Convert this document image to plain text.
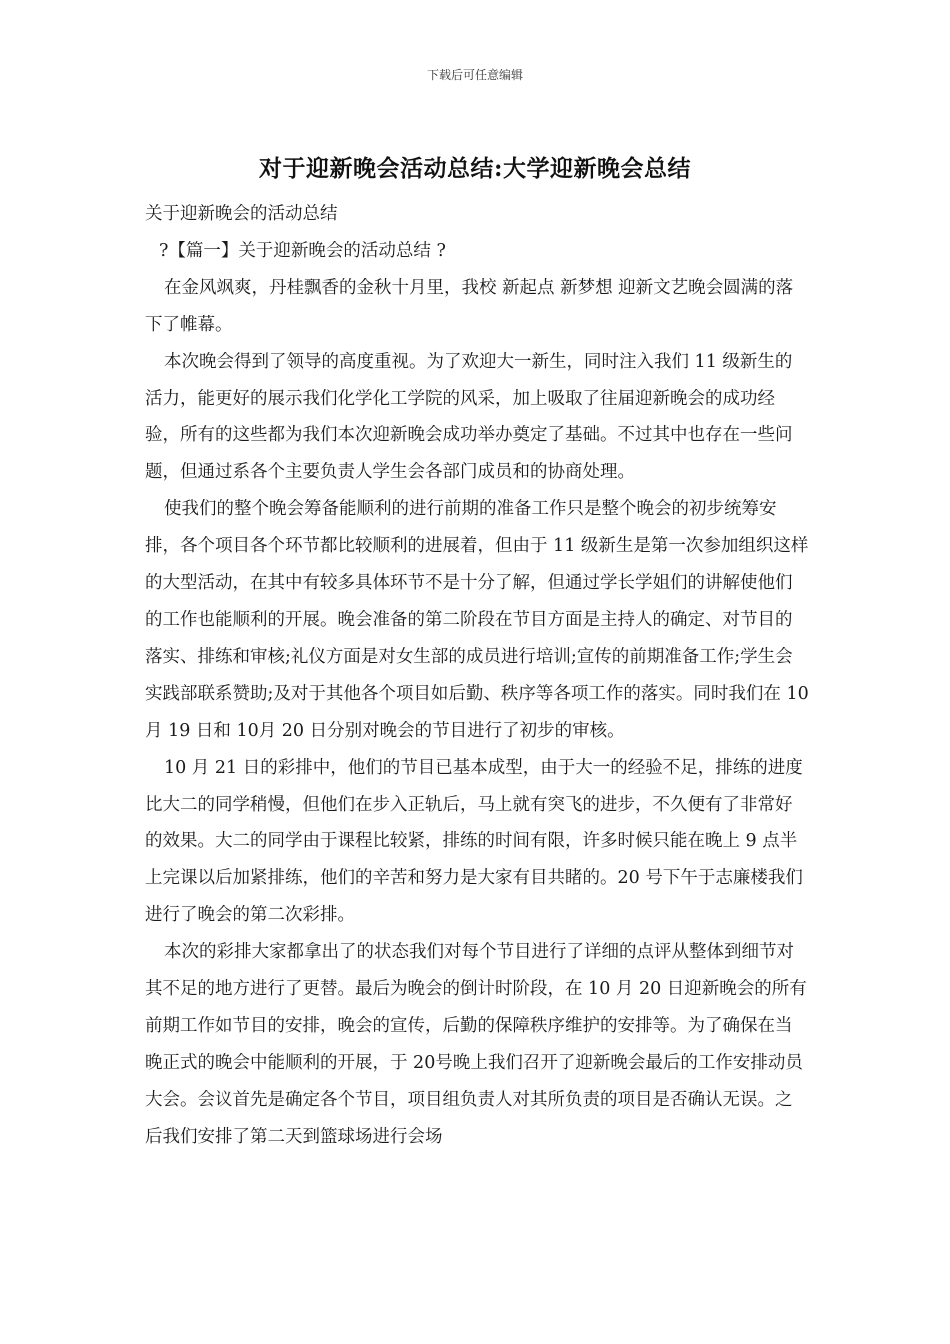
下载后可任意编辑
对于迎新晚会活动总结:大学迎新晚会总结

关于迎新晚会的活动总结

?【篇一】关于迎新晚会的活动总结 ?

在金风飒爽，丹桂飘香的金秋十月里，我校 新起点 新梦想 迎新文艺晚会圆满的落下了帷幕。

本次晚会得到了领导的高度重视。为了欢迎大一新生，同时注入我们 11 级新生的活力，能更好的展示我们化学化工学院的风采，加上吸取了往届迎新晚会的成功经验，所有的这些都为我们本次迎新晚会成功举办奠定了基础。不过其中也存在一些问题，但通过系各个主要负责人学生会各部门成员和的协商处理。

使我们的整个晚会筹备能顺利的进行前期的准备工作只是整个晚会的初步统筹安排，各个项目各个环节都比较顺利的进展着，但由于 11 级新生是第一次参加组织这样的大型活动，在其中有较多具体环节不是十分了解，但通过学长学姐们的讲解使他们的工作也能顺利的开展。晚会准备的第二阶段在节目方面是主持人的确定、对节目的落实、排练和审核;礼仪方面是对女生部的成员进行培训;宣传的前期准备工作;学生会实践部联系赞助;及对于其他各个项目如后勤、秩序等各项工作的落实。同时我们在 10 月 19 日和 10月 20 日分别对晚会的节目进行了初步的审核。

10 月 21 日的彩排中，他们的节目已基本成型，由于大一的经验不足，排练的进度比大二的同学稍慢，但他们在步入正轨后，马上就有突飞的进步，不久便有了非常好的效果。大二的同学由于课程比较紧，排练的时间有限，许多时候只能在晚上 9 点半上完课以后加紧排练，他们的辛苦和努力是大家有目共睹的。20 号下午于志廉楼我们进行了晚会的第二次彩排。

本次的彩排大家都拿出了的状态我们对每个节目进行了详细的点评从整体到细节对其不足的地方进行了更替。最后为晚会的倒计时阶段，在 10 月 20 日迎新晚会的所有前期工作如节目的安排，晚会的宣传，后勤的保障秩序维护的安排等。为了确保在当晚正式的晚会中能顺利的开展，于 20号晚上我们召开了迎新晚会最后的工作安排动员大会。会议首先是确定各个节目，项目组负责人对其所负责的项目是否确认无误。之后我们安排了第二天到篮球场进行会场
